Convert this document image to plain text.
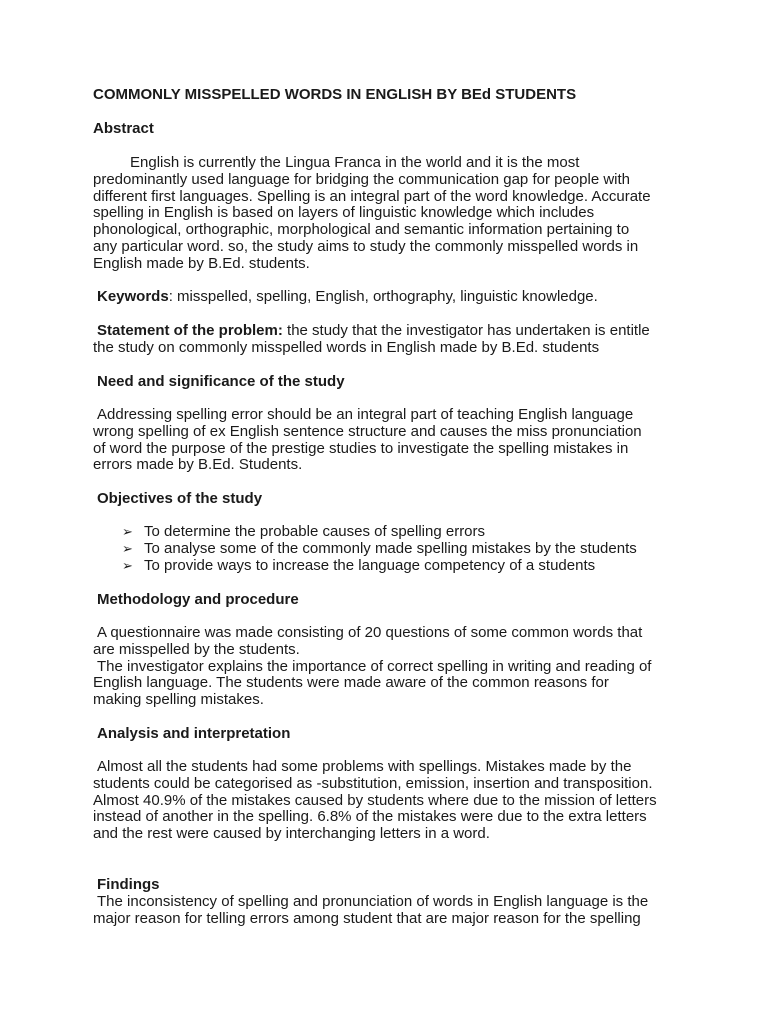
COMMONLY MISSPELLED WORDS IN ENGLISH BY BEd STUDENTS
Abstract
English is currently the Lingua Franca in the world and it is the most
predominantly used language for bridging the communication gap for people with
different first languages. Spelling is an integral part of the word knowledge. Accurate
spelling in English is based on layers of linguistic knowledge which includes
phonological, orthographic, morphological and semantic information pertaining to
any particular word. so, the study aims to study the commonly misspelled words in
English made by B.Ed. students.
Keywords: misspelled, spelling, English, orthography, linguistic knowledge.
Statement of the problem: the study that the investigator has undertaken is entitle
the study on commonly misspelled words in English made by B.Ed. students
Need and significance of the study
Addressing spelling error should be an integral part of teaching English language
wrong spelling of ex English sentence structure and causes the miss pronunciation
of word the purpose of the prestige studies to investigate the spelling mistakes in
errors made by B.Ed. Students.
Objectives of the study
➢ To determine the probable causes of spelling errors
➢ To analyse some of the commonly made spelling mistakes by the students
➢ To provide ways to increase the language competency of a students
Methodology and procedure
A questionnaire was made consisting of 20 questions of some common words that
are misspelled by the students.
The investigator explains the importance of correct spelling in writing and reading of
English language. The students were made aware of the common reasons for
making spelling mistakes.
Analysis and interpretation
Almost all the students had some problems with spellings. Mistakes made by the
students could be categorised as -substitution, emission, insertion and transposition.
Almost 40.9% of the mistakes caused by students where due to the mission of letters
instead of another in the spelling. 6.8% of the mistakes were due to the extra letters
and the rest were caused by interchanging letters in a word.
Findings
The inconsistency of spelling and pronunciation of words in English language is the
major reason for telling errors among student that are major reason for the spelling
